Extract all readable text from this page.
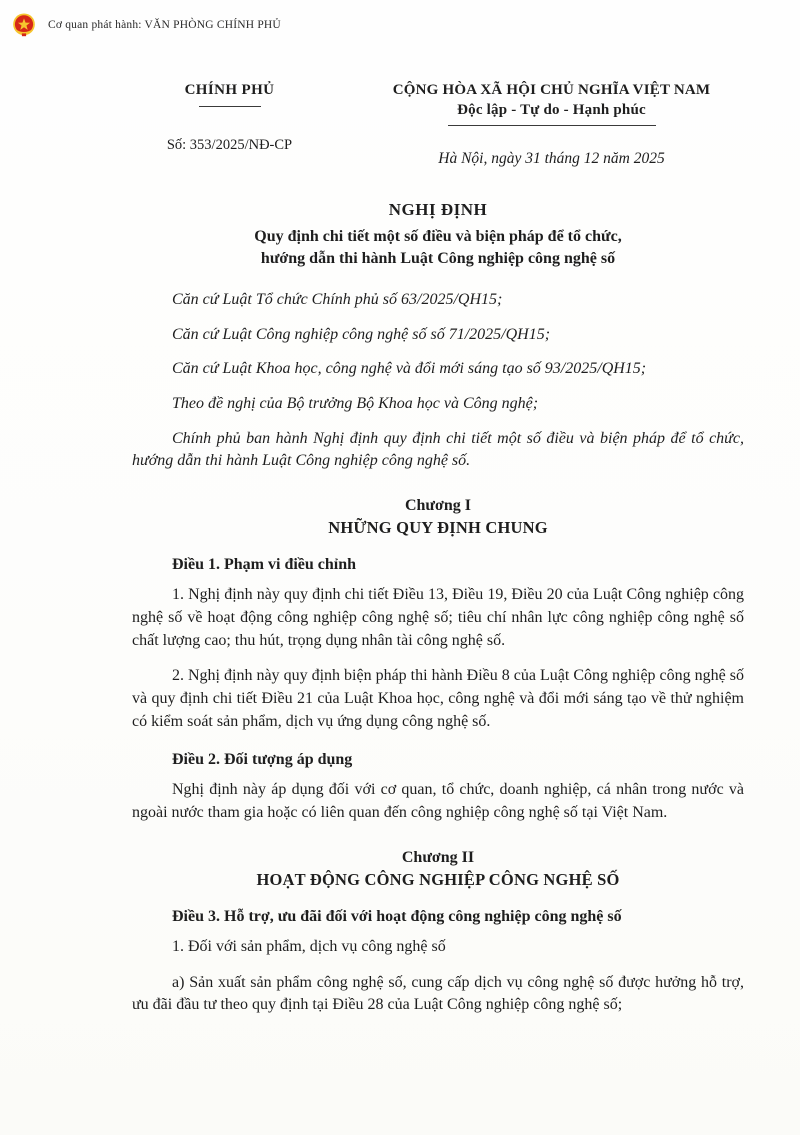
Cơ quan phát hành: VĂN PHÒNG CHÍNH PHỦ
CHÍNH PHỦ
Số: 353/2025/NĐ-CP
CỘNG HÒA XÃ HỘI CHỦ NGHĨA VIỆT NAM
Độc lập - Tự do - Hạnh phúc
Hà Nội, ngày 31 tháng 12 năm 2025
NGHỊ ĐỊNH
Quy định chi tiết một số điều và biện pháp để tổ chức,
hướng dẫn thi hành Luật Công nghiệp công nghệ số

Căn cứ Luật Tổ chức Chính phủ số 63/2025/QH15;

Căn cứ Luật Công nghiệp công nghệ số số 71/2025/QH15;

Căn cứ Luật Khoa học, công nghệ và đổi mới sáng tạo số 93/2025/QH15;

Theo đề nghị của Bộ trưởng Bộ Khoa học và Công nghệ;

Chính phủ ban hành Nghị định quy định chi tiết một số điều và biện pháp để tổ chức, hướng dẫn thi hành Luật Công nghiệp công nghệ số.

Chương I
NHỮNG QUY ĐỊNH CHUNG

Điều 1. Phạm vi điều chỉnh

1. Nghị định này quy định chi tiết Điều 13, Điều 19, Điều 20 của Luật Công nghiệp công nghệ số về hoạt động công nghiệp công nghệ số; tiêu chí nhân lực công nghiệp công nghệ số chất lượng cao; thu hút, trọng dụng nhân tài công nghệ số.

2. Nghị định này quy định biện pháp thi hành Điều 8 của Luật Công nghiệp công nghệ số và quy định chi tiết Điều 21 của Luật Khoa học, công nghệ và đổi mới sáng tạo về thử nghiệm có kiểm soát sản phẩm, dịch vụ ứng dụng công nghệ số.

Điều 2. Đối tượng áp dụng

Nghị định này áp dụng đối với cơ quan, tổ chức, doanh nghiệp, cá nhân trong nước và ngoài nước tham gia hoặc có liên quan đến công nghiệp công nghệ số tại Việt Nam.

Chương II
HOẠT ĐỘNG CÔNG NGHIỆP CÔNG NGHỆ SỐ

Điều 3. Hỗ trợ, ưu đãi đối với hoạt động công nghiệp công nghệ số

1. Đối với sản phẩm, dịch vụ công nghệ số

a) Sản xuất sản phẩm công nghệ số, cung cấp dịch vụ công nghệ số được hưởng hỗ trợ, ưu đãi đầu tư theo quy định tại Điều 28 của Luật Công nghiệp công nghệ số;
